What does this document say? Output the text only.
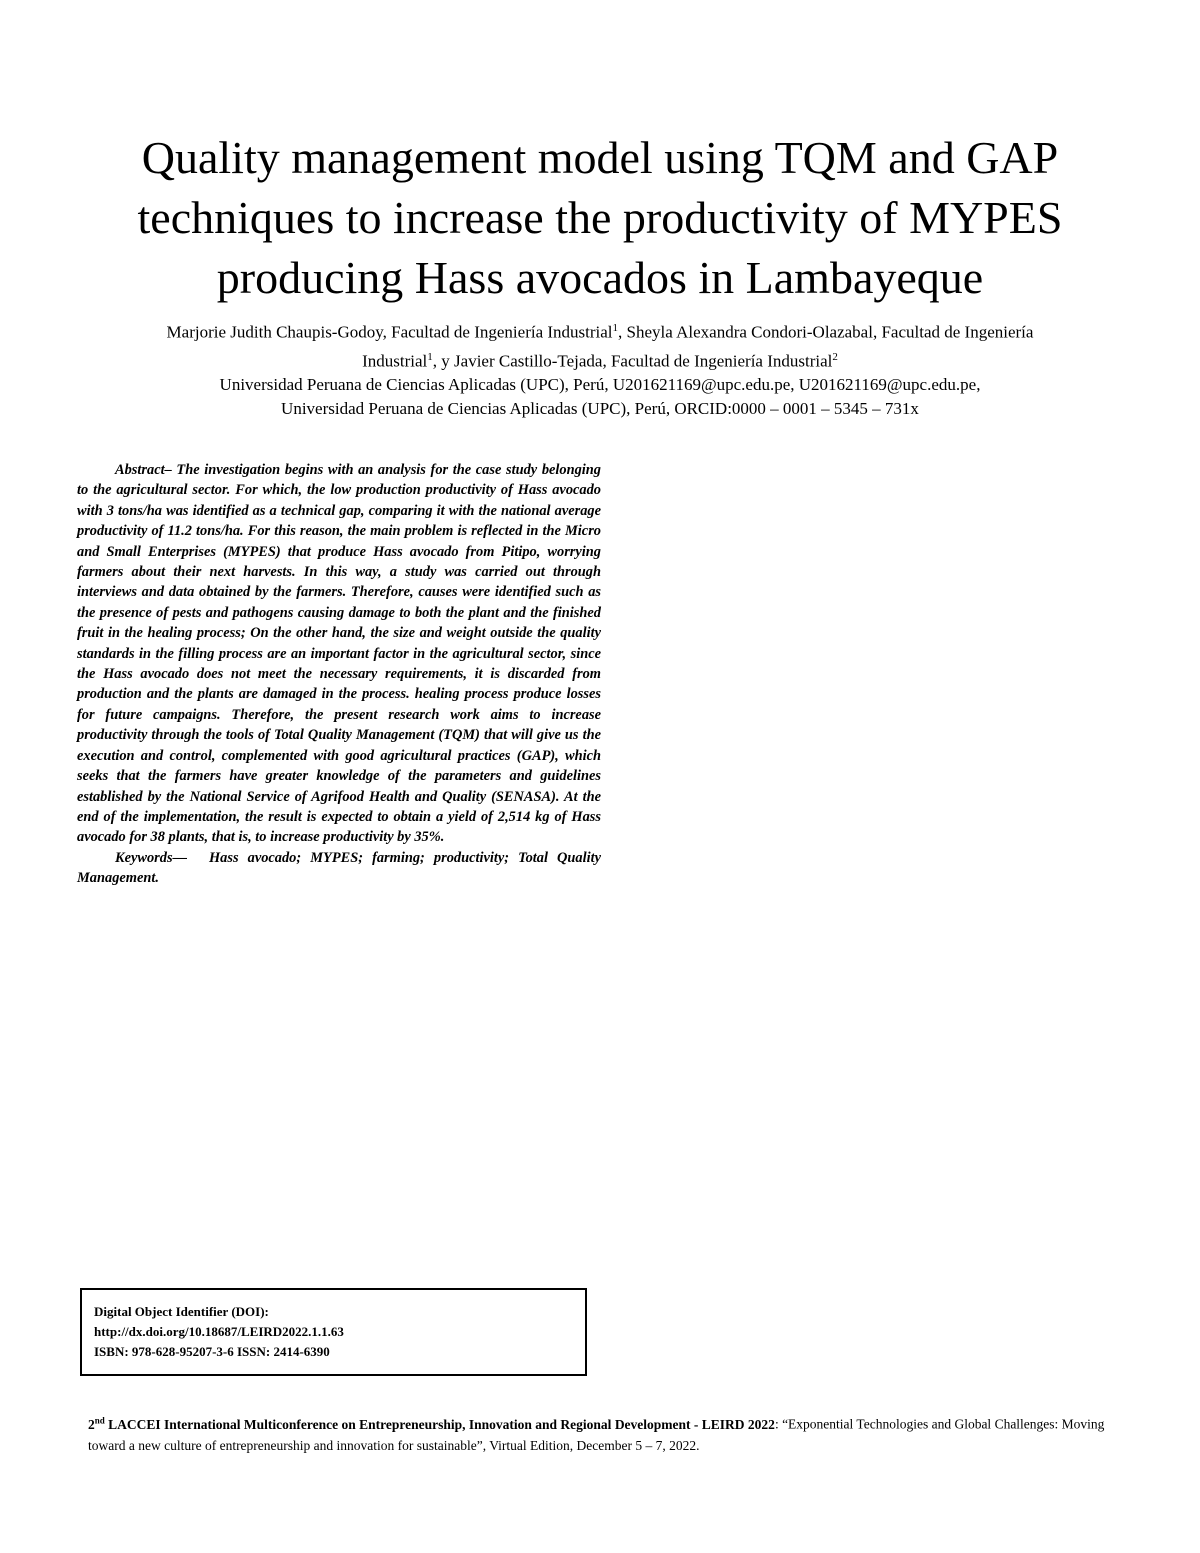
Quality management model using TQM and GAP
techniques to increase the productivity of MYPES
producing Hass avocados in Lambayeque
Marjorie Judith Chaupis-Godoy, Facultad de Ingeniería Industrial$^1$, Sheyla Alexandra Condori-Olazabal, Facultad de Ingeniería
Industrial$^1$, y Javier Castillo-Tejada, Facultad de Ingeniería Industrial$^2$
Universidad Peruana de Ciencias Aplicadas (UPC), Perú, U201621169@upc.edu.pe, U201621169@upc.edu.pe,
Universidad Peruana de Ciencias Aplicadas (UPC), Perú, ORCID:0000 – 0001 – 5345 – 731x

Abstract– The investigation begins with an analysis for the case study belonging to the agricultural sector. For which, the low production productivity of Hass avocado with 3 tons/ha was identified as a technical gap, comparing it with the national average productivity of 11.2 tons/ha. For this reason, the main problem is reflected in the Micro and Small Enterprises (MYPES) that produce Hass avocado from Pitipo, worrying farmers about their next harvests. In this way, a study was carried out through interviews and data obtained by the farmers. Therefore, causes were identified such as the presence of pests and pathogens causing damage to both the plant and the finished fruit in the healing process; On the other hand, the size and weight outside the quality standards in the filling process are an important factor in the agricultural sector, since the Hass avocado does not meet the necessary requirements, it is discarded from production and the plants are damaged in the process. healing process produce losses for future campaigns. Therefore, the present research work aims to increase productivity through the tools of Total Quality Management (TQM) that will give us the execution and control, complemented with good agricultural practices (GAP), which seeks that the farmers have greater knowledge of the parameters and guidelines established by the National Service of Agrifood Health and Quality (SENASA). At the end of the implementation, the result is expected to obtain a yield of 2,514 kg of Hass avocado for 38 plants, that is, to increase productivity by 35%.

Keywords— Hass avocado; MYPES; farming; productivity; Total Quality Management.

Digital Object Identifier (DOI):
http://dx.doi.org/10.18687/LEIRD2022.1.1.63
ISBN: 978-628-95207-3-6 ISSN: 2414-6390
2nd LACCEI International Multiconference on Entrepreneurship, Innovation and Regional Development - LEIRD 2022: “Exponential Technologies and Global Challenges: Moving toward a new culture of entrepreneurship and innovation for sustainable”, Virtual Edition, December 5 – 7, 2022.
